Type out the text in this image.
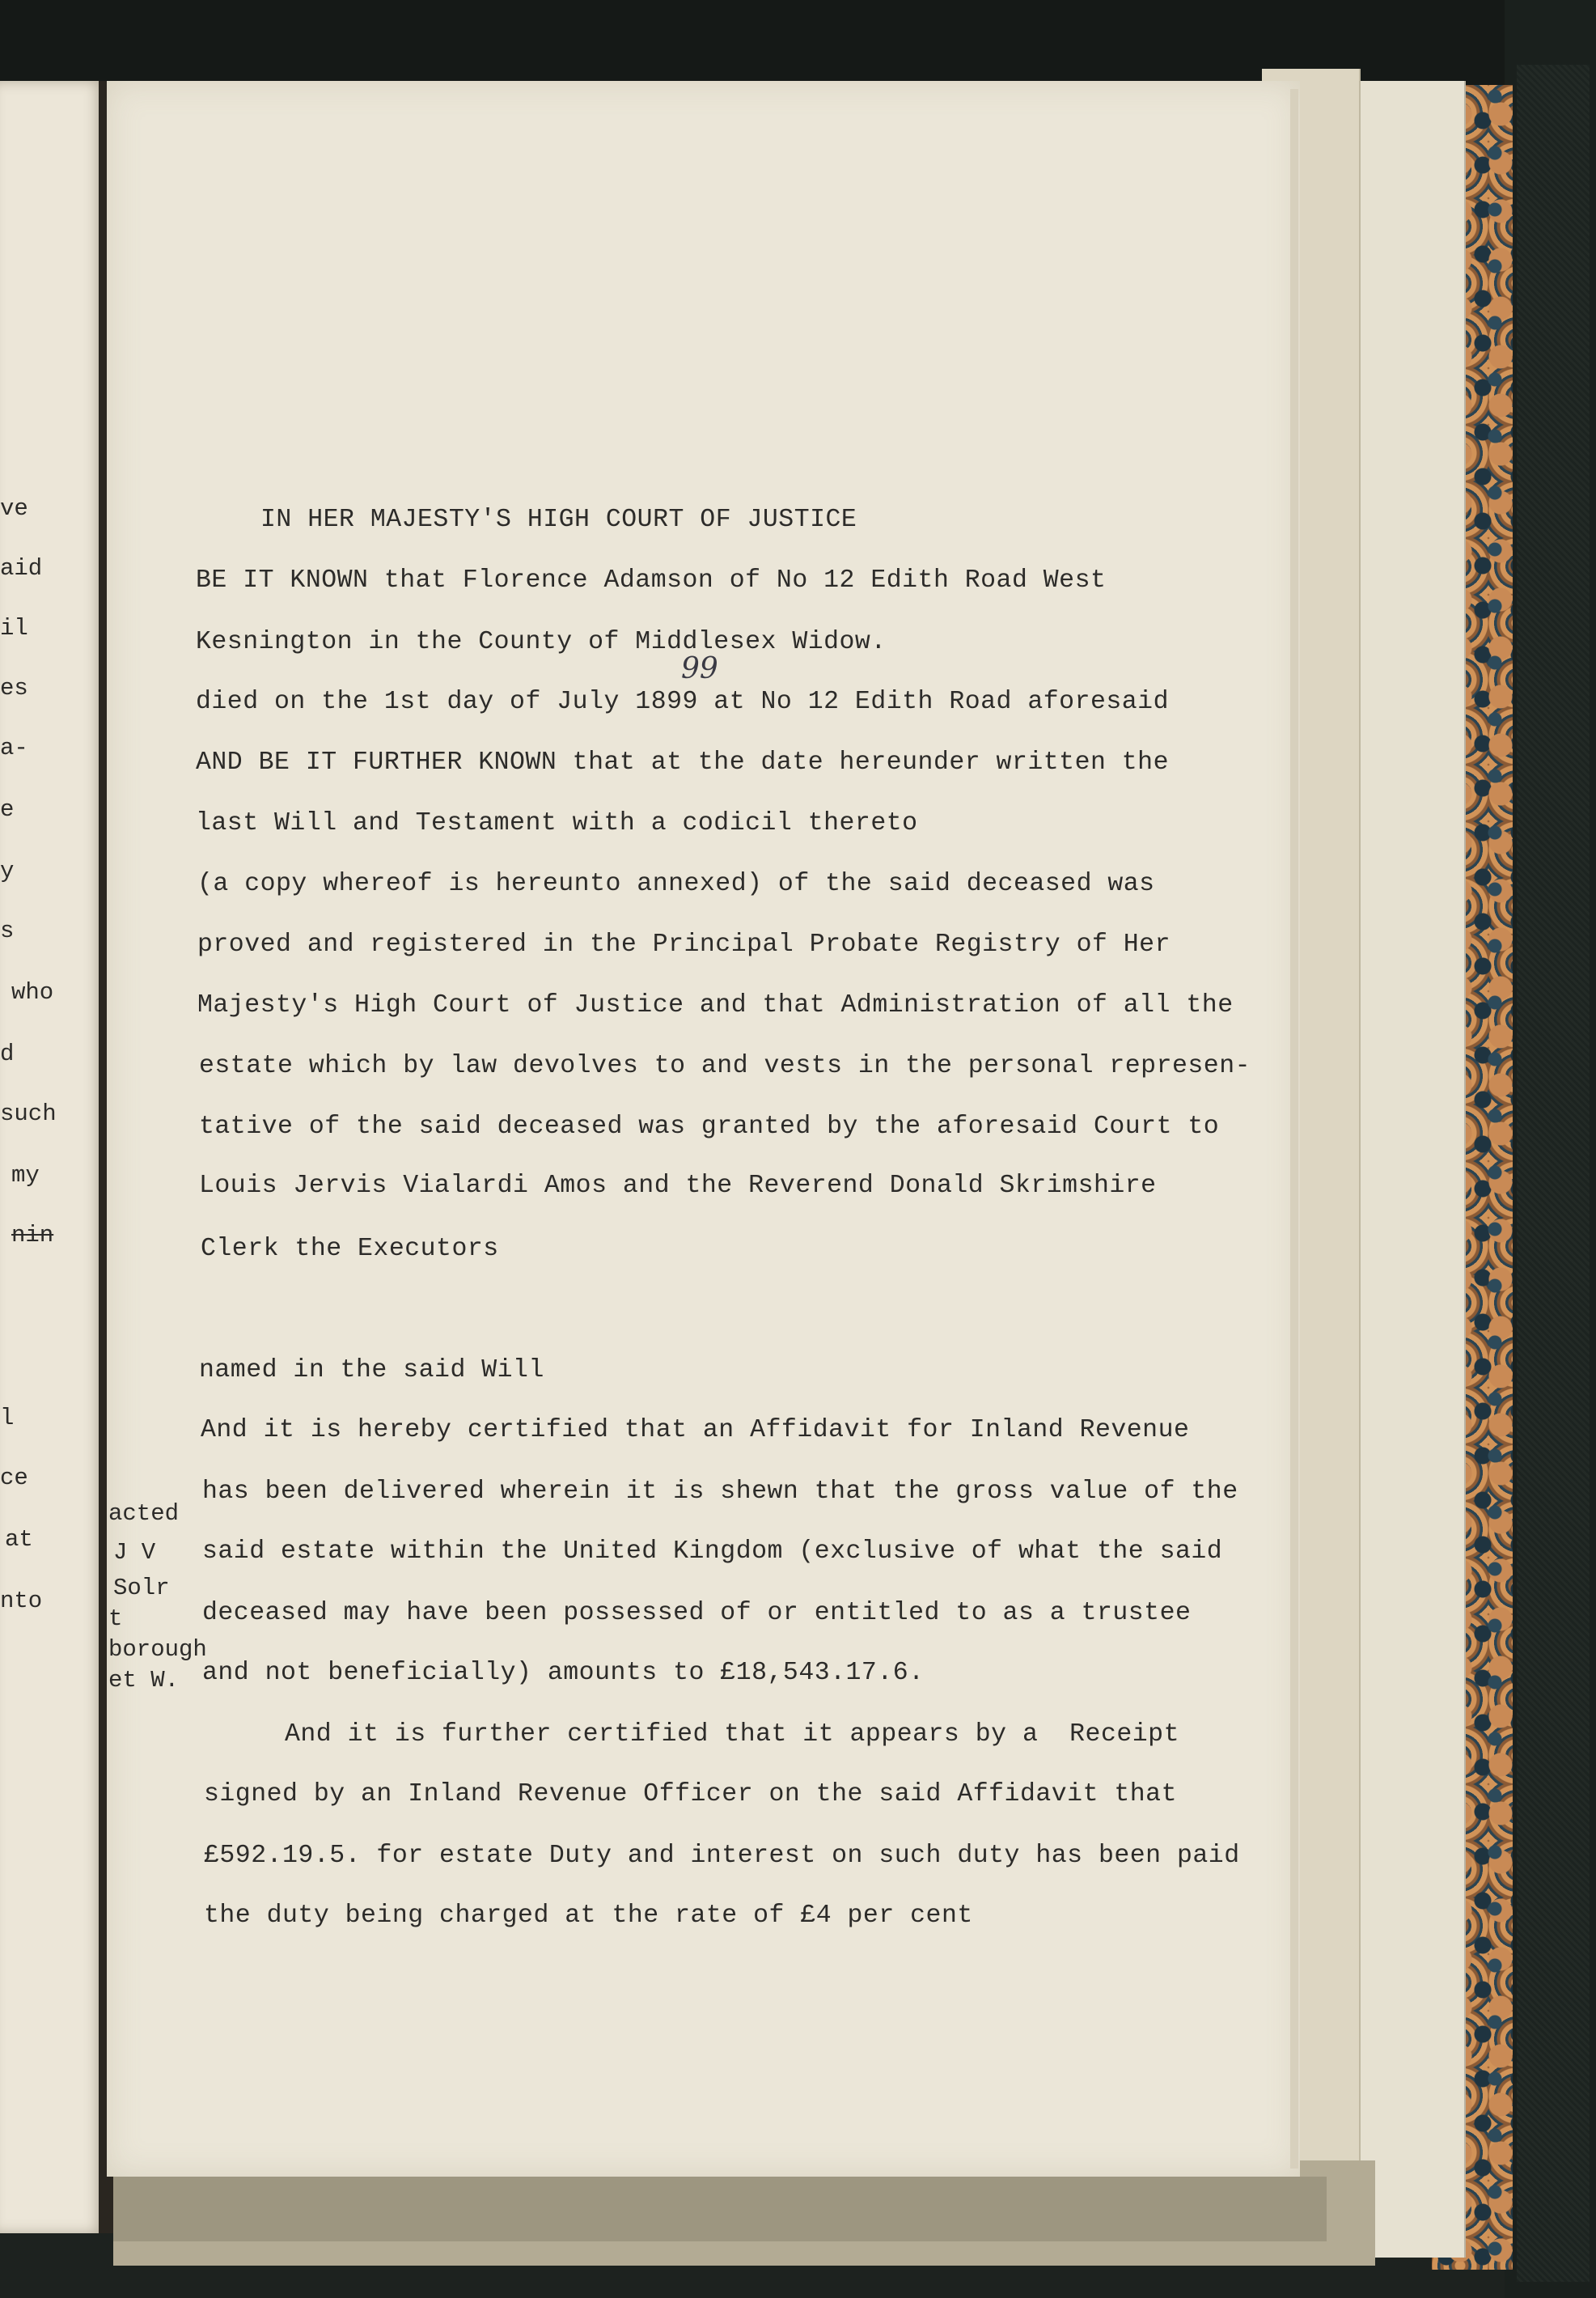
ve
aid
il
es
a-
e
y
s
who
d
such
my
nin
l
ce
at
nto
acted
J V
Solr
t
borough
et W.
IN HER MAJESTY'S HIGH COURT OF JUSTICE
BE IT KNOWN that Florence Adamson of No 12 Edith Road West
Kesnington in the County of Middlesex Widow.
died on the 1st day of July 1899 at No 12 Edith Road aforesaid
99
AND BE IT FURTHER KNOWN that at the date hereunder written the
last Will and Testament with a codicil thereto
(a copy whereof is hereunto annexed) of the said deceased was
proved and registered in the Principal Probate Registry of Her
Majesty's High Court of Justice and that Administration of all the
estate which by law devolves to and vests in the personal represen-
tative of the said deceased was granted by the aforesaid Court to
Louis Jervis Vialardi Amos and the Reverend Donald Skrimshire
Clerk the Executors
named in the said Will
And it is hereby certified that an Affidavit for Inland Revenue
has been delivered wherein it is shewn that the gross value of the
said estate within the United Kingdom (exclusive of what the said
deceased may have been possessed of or entitled to as a trustee
and not beneficially) amounts to £18,543.17.6.
And it is further certified that it appears by a  Receipt
signed by an Inland Revenue Officer on the said Affidavit that
£592.19.5. for estate Duty and interest on such duty has been paid
the duty being charged at the rate of £4 per cent
